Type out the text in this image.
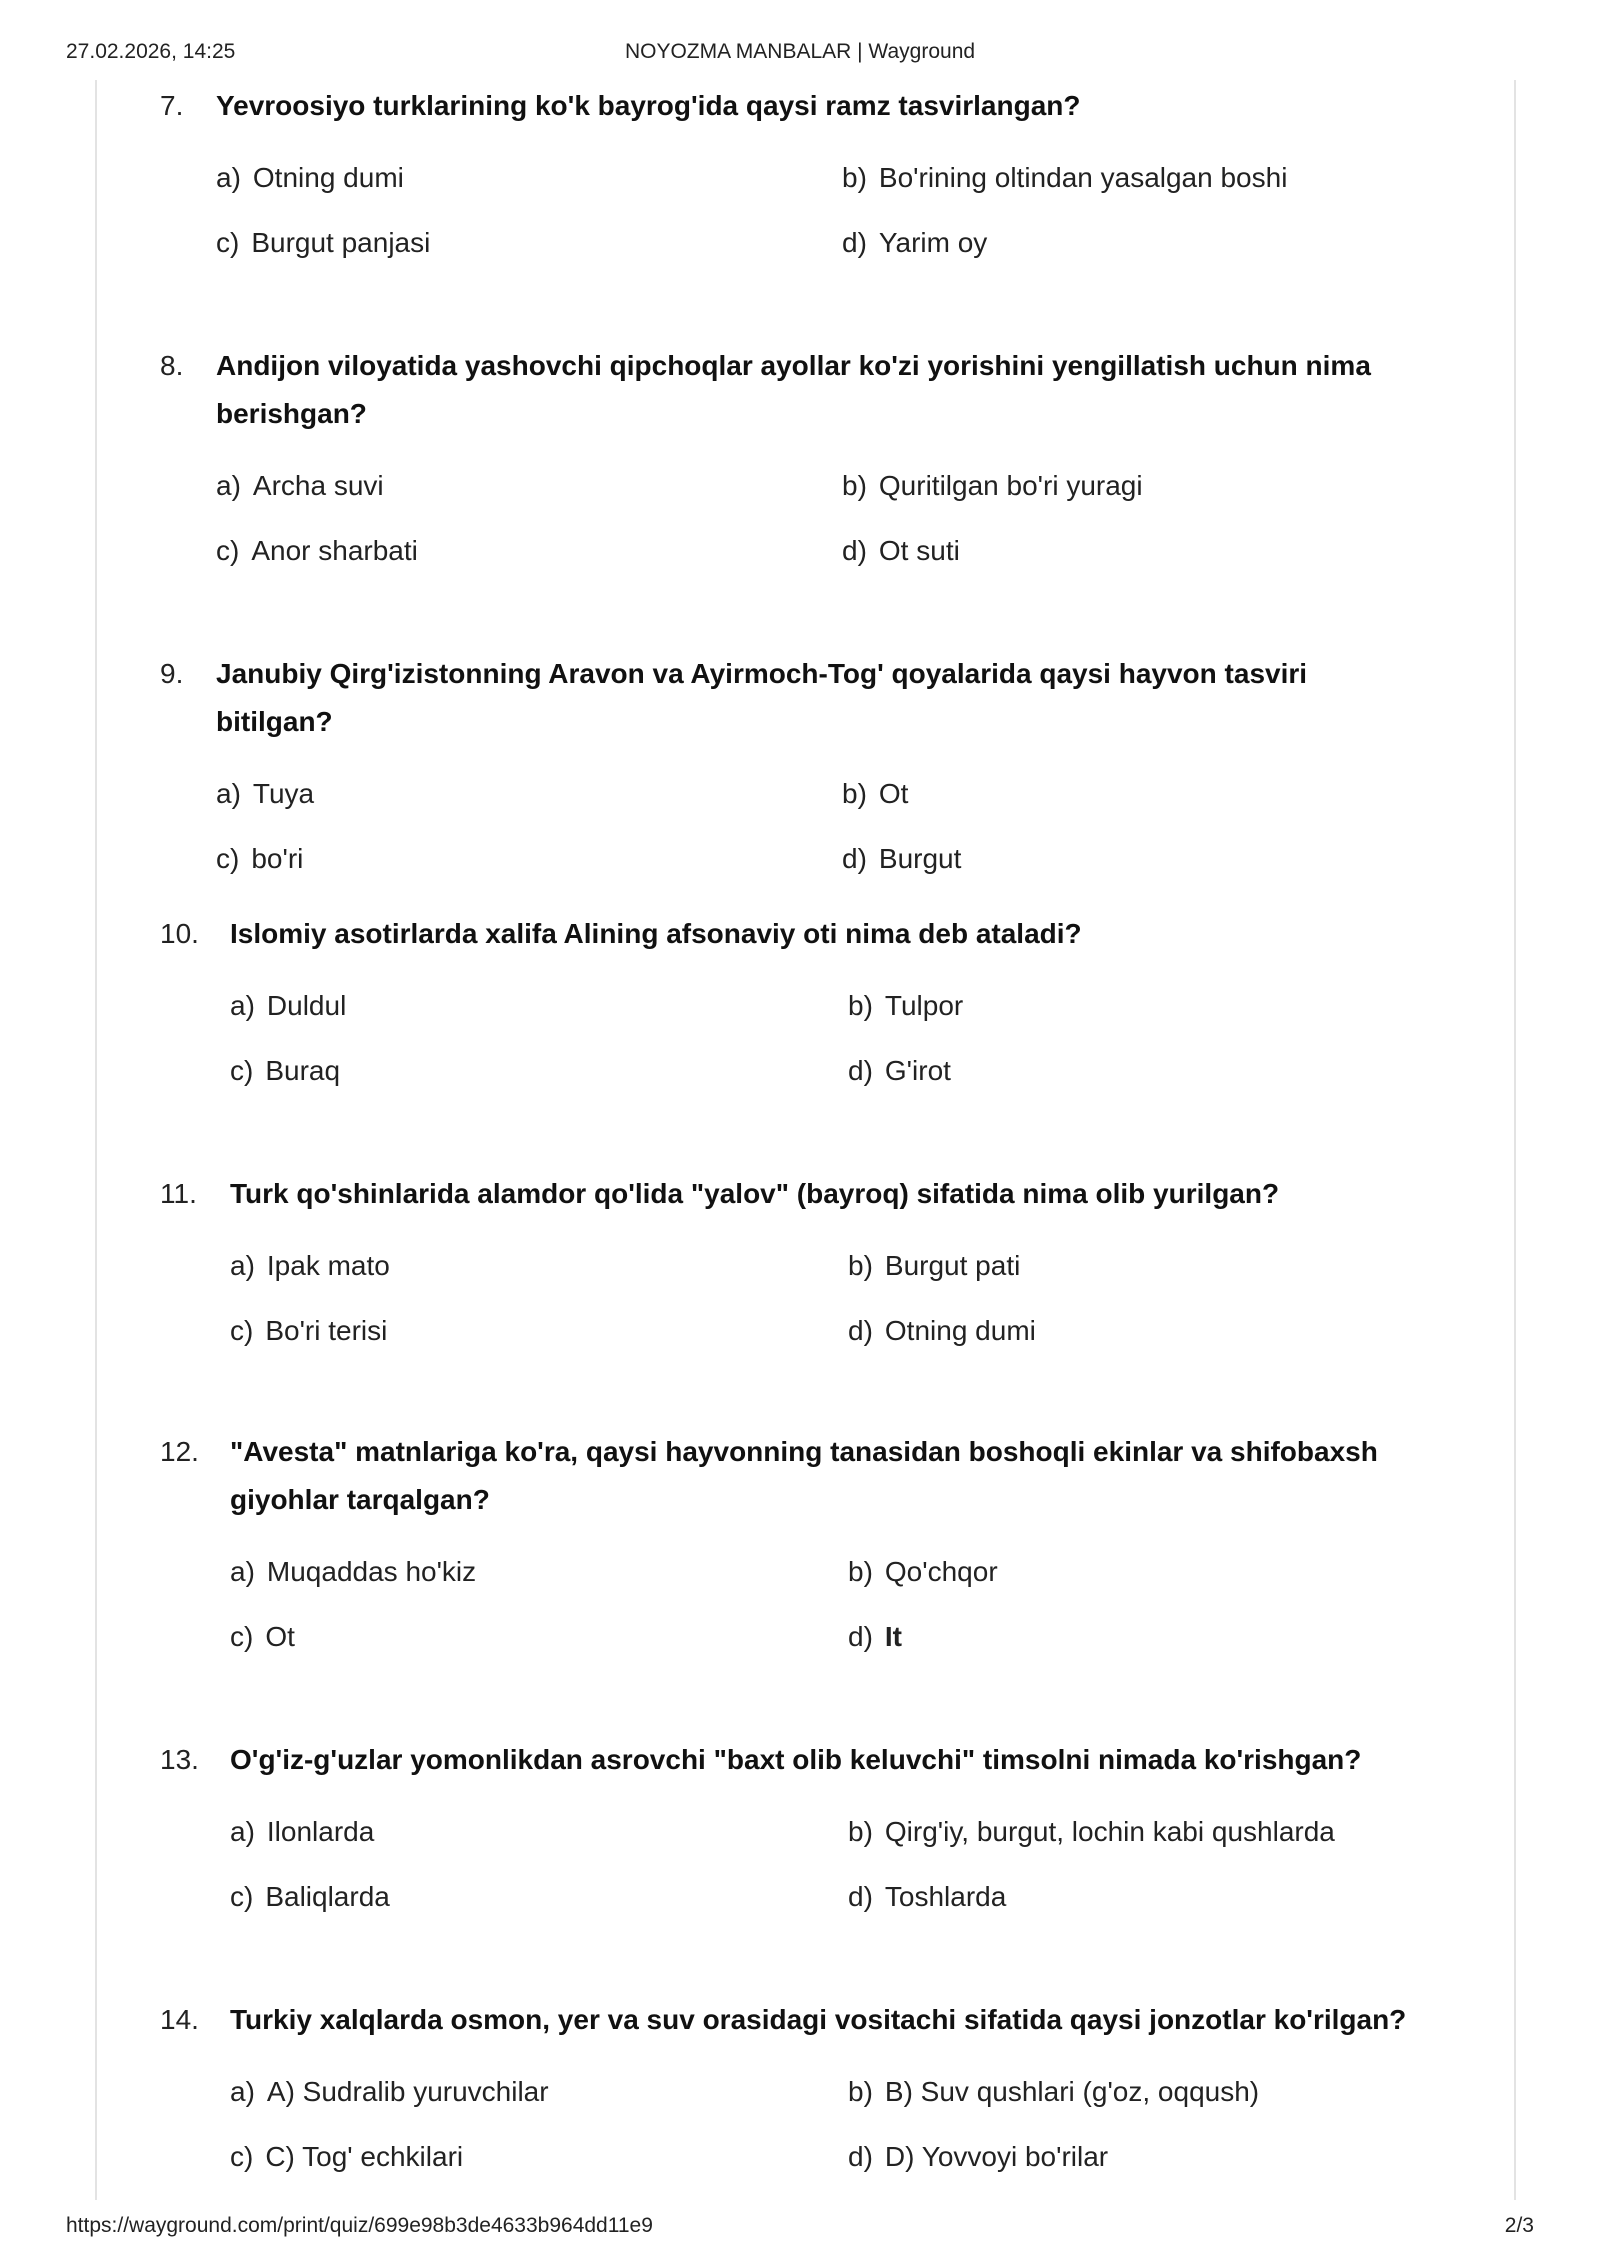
27.02.2026, 14:25	NOYOZMA MANBALAR | Wayground
7. Yevroosiyo turklarining ko'k bayrog'ida qaysi ramz tasvirlangan?
a) Otning dumi	b) Bo'rining oltindan yasalgan boshi
c) Burgut panjasi	d) Yarim oy
8. Andijon viloyatida yashovchi qipchoqlar ayollar ko'zi yorishini yengillatish uchun nima berishgan?
a) Archa suvi	b) Quritilgan bo'ri yuragi
c) Anor sharbati	d) Ot suti
9. Janubiy Qirg'izistonning Aravon va Ayirmoch-Tog' qoyalarida qaysi hayvon tasviri bitilgan?
a) Tuya	b) Ot
c) bo'ri	d) Burgut
10. Islomiy asotirlarda xalifa Alining afsonaviy oti nima deb ataladi?
a) Duldul	b) Tulpor
c) Buraq	d) G'irot
11. Turk qo'shinlarida alamdor qo'lida "yalov" (bayroq) sifatida nima olib yurilgan?
a) Ipak mato	b) Burgut pati
c) Bo'ri terisi	d) Otning dumi
12. "Avesta" matnlariga ko'ra, qaysi hayvonning tanasidan boshoqli ekinlar va shifobaxsh giyohlar tarqalgan?
a) Muqaddas ho'kiz	b) Qo'chqor
c) Ot	d) It
13. O'g'iz-g'uzlar yomonlikdan asrovchi "baxt olib keluvchi" timsolni nimada ko'rishgan?
a) Ilonlarda	b) Qirg'iy, burgut, lochin kabi qushlarda
c) Baliqlarda	d) Toshlarda
14. Turkiy xalqlarda osmon, yer va suv orasidagi vositachi sifatida qaysi jonzotlar ko'rilgan?
a) A) Sudralib yuruvchilar	b) B) Suv qushlari (g'oz, oqqush)
c) C) Tog' echkilari	d) D) Yovvoyi bo'rilar
https://wayground.com/print/quiz/699e98b3de4633b964dd11e9	2/3
